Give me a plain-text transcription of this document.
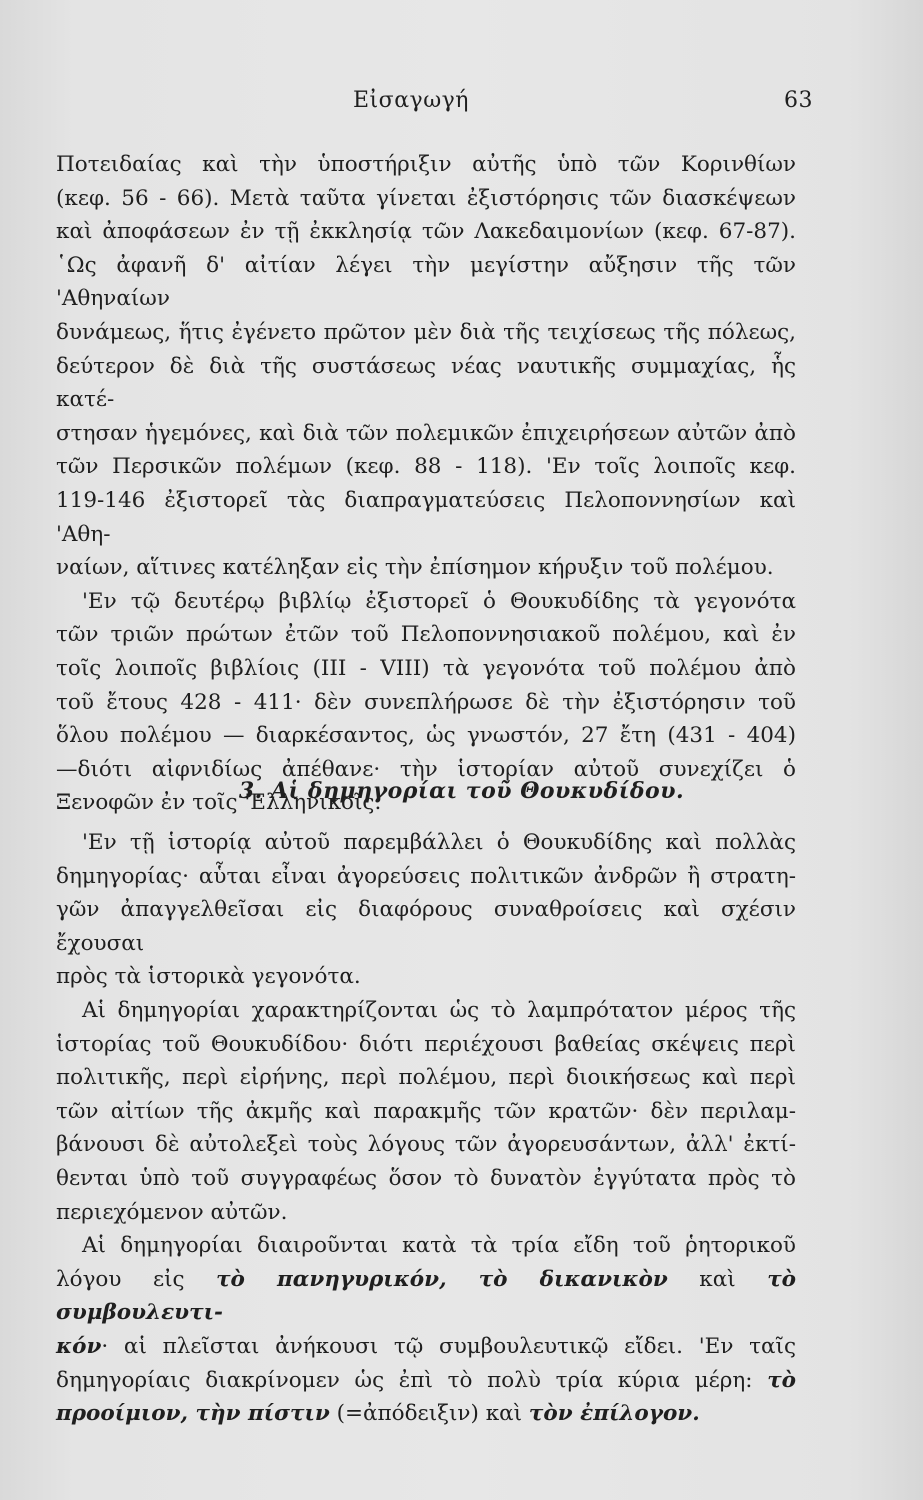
Εἰσαγωγή	63

Ποτειδαίας καὶ τὴν ὑποστήριξιν αὐτῆς ὑπὸ τῶν Κορινθίων

(κεφ. 56 - 66). Μετὰ ταῦτα γίνεται ἐξιστόρησις τῶν διασκέψεων

καὶ ἀποφάσεων ἐν τῇ ἐκκλησίᾳ τῶν Λακεδαιμονίων (κεφ. 67-87).

῾Ως ἀφανῆ δ' αἰτίαν λέγει τὴν μεγίστην αὔξησιν τῆς τῶν 'Αθηναίων

δυνάμεως, ἥτις ἐγένετο πρῶτον μὲν διὰ τῆς τειχίσεως τῆς πόλεως,

δεύτερον δὲ διὰ τῆς συστάσεως νέας ναυτικῆς συμμαχίας, ἧς κατέ-

στησαν ἡγεμόνες, καὶ διὰ τῶν πολεμικῶν ἐπιχειρήσεων αὐτῶν ἀπὸ

τῶν Περσικῶν πολέμων (κεφ. 88 - 118). 'Εν τοῖς λοιποῖς κεφ.

119-146 ἐξιστορεῖ τὰς διαπραγματεύσεις Πελοποννησίων καὶ 'Αθη-

ναίων, αἵτινες κατέληξαν εἰς τὴν ἐπίσημον κήρυξιν τοῦ πολέμου.

'Εν τῷ δευτέρῳ βιβλίῳ ἐξιστορεῖ ὁ Θουκυδίδης τὰ γεγονότα

τῶν τριῶν πρώτων ἐτῶν τοῦ Πελοποννησιακοῦ πολέμου, καὶ ἐν

τοῖς λοιποῖς βιβλίοις (III - VIII) τὰ γεγονότα τοῦ πολέμου ἀπὸ

τοῦ ἔτους 428 - 411· δὲν συνεπλήρωσε δὲ τὴν ἐξιστόρησιν τοῦ

ὅλου πολέμου — διαρκέσαντος, ὡς γνωστόν, 27 ἔτη (431 - 404)

—διότι αἰφνιδίως ἀπέθανε· τὴν ἱστορίαν αὐτοῦ συνεχίζει ὁ

Ξενοφῶν ἐν τοῖς 'Ελληνικοῖς.

3. Αἱ δημηγορίαι τοῦ Θουκυδίδου.

'Εν τῇ ἱστορίᾳ αὐτοῦ παρεμβάλλει ὁ Θουκυδίδης καὶ πολλὰς

δημηγορίας· αὗται εἶναι ἀγορεύσεις πολιτικῶν ἀνδρῶν ἢ στρατη-

γῶν ἀπαγγελθεῖσαι εἰς διαφόρους συναθροίσεις καὶ σχέσιν ἔχουσαι

πρὸς τὰ ἱστορικὰ γεγονότα.

Αἱ δημηγορίαι χαρακτηρίζονται ὡς τὸ λαμπρότατον μέρος τῆς

ἱστορίας τοῦ Θουκυδίδου· διότι περιέχουσι βαθείας σκέψεις περὶ

πολιτικῆς, περὶ εἰρήνης, περὶ πολέμου, περὶ διοικήσεως καὶ περὶ

τῶν αἰτίων τῆς ἀκμῆς καὶ παρακμῆς τῶν κρατῶν· δὲν περιλαμ-

βάνουσι δὲ αὐτολεξεὶ τοὺς λόγους τῶν ἀγορευσάντων, ἀλλ' ἐκτί-

θενται ὑπὸ τοῦ συγγραφέως ὅσον τὸ δυνατὸν ἐγγύτατα πρὸς τὸ

περιεχόμενον αὐτῶν.

Αἱ δημηγορίαι διαιροῦνται κατὰ τὰ τρία εἴδη τοῦ ῥητορικοῦ

λόγου εἰς τὸ πανηγυρικόν, τὸ δικανικὸν καὶ τὸ συμβουλευτι-

κόν· αἱ πλεῖσται ἀνήκουσι τῷ συμβουλευτικῷ εἴδει. 'Εν ταῖς

δημηγορίαις διακρίνομεν ὡς ἐπὶ τὸ πολὺ τρία κύρια μέρη: τὸ

προοίμιον, τὴν πίστιν (=ἀπόδειξιν) καὶ τὸν ἐπίλογον.
